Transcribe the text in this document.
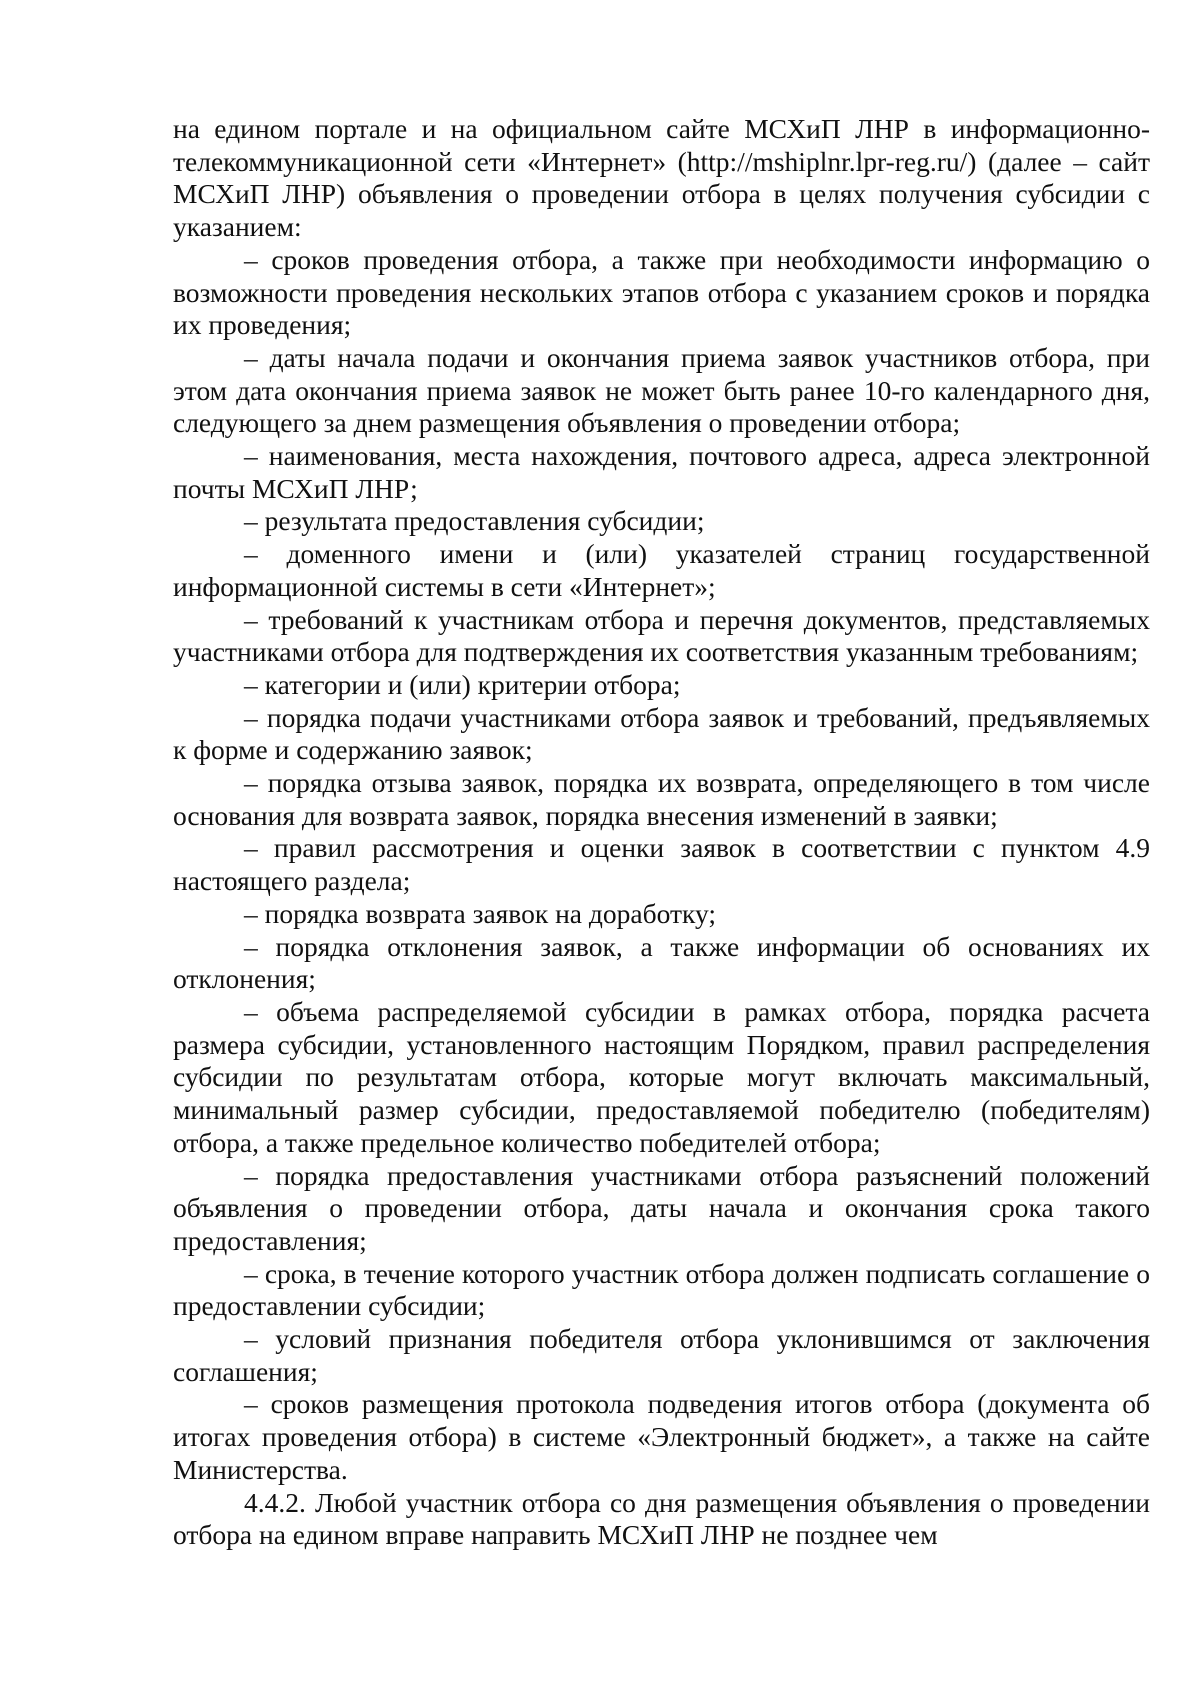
на едином портале и на официальном сайте МСХиП ЛНР в информационно-телекоммуникационной сети «Интернет» (http://mshiplnr.lpr-reg.ru/) (далее – сайт МСХиП ЛНР) объявления о проведении отбора в целях получения субсидии с указанием:

– сроков проведения отбора, а также при необходимости информацию о возможности проведения нескольких этапов отбора с указанием сроков и порядка их проведения;

– даты начала подачи и окончания приема заявок участников отбора, при этом дата окончания приема заявок не может быть ранее 10-го календарного дня, следующего за днем размещения объявления о проведении отбора;

– наименования, места нахождения, почтового адреса, адреса электронной почты МСХиП ЛНР;

– результата предоставления субсидии;

– доменного имени и (или) указателей страниц государственной информационной системы в сети «Интернет»;

– требований к участникам отбора и перечня документов, представляемых участниками отбора для подтверждения их соответствия указанным требованиям;

– категории и (или) критерии отбора;

– порядка подачи участниками отбора заявок и требований, предъявляемых к форме и содержанию заявок;

– порядка отзыва заявок, порядка их возврата, определяющего в том числе основания для возврата заявок, порядка внесения изменений в заявки;

– правил рассмотрения и оценки заявок в соответствии с пунктом 4.9 настоящего раздела;

– порядка возврата заявок на доработку;

– порядка отклонения заявок, а также информации об основаниях их отклонения;

– объема распределяемой субсидии в рамках отбора, порядка расчета размера субсидии, установленного настоящим Порядком, правил распределения субсидии по результатам отбора, которые могут включать максимальный, минимальный размер субсидии, предоставляемой победителю (победителям) отбора, а также предельное количество победителей отбора;

– порядка предоставления участниками отбора разъяснений положений объявления о проведении отбора, даты начала и окончания срока такого предоставления;

– срока, в течение которого участник отбора должен подписать соглашение о предоставлении субсидии;

– условий признания победителя отбора уклонившимся от заключения соглашения;

– сроков размещения протокола подведения итогов отбора (документа об итогах проведения отбора) в системе «Электронный бюджет», а также на сайте Министерства.

4.4.2. Любой участник отбора со дня размещения объявления о проведении отбора на едином вправе направить МСХиП ЛНР не позднее чем
